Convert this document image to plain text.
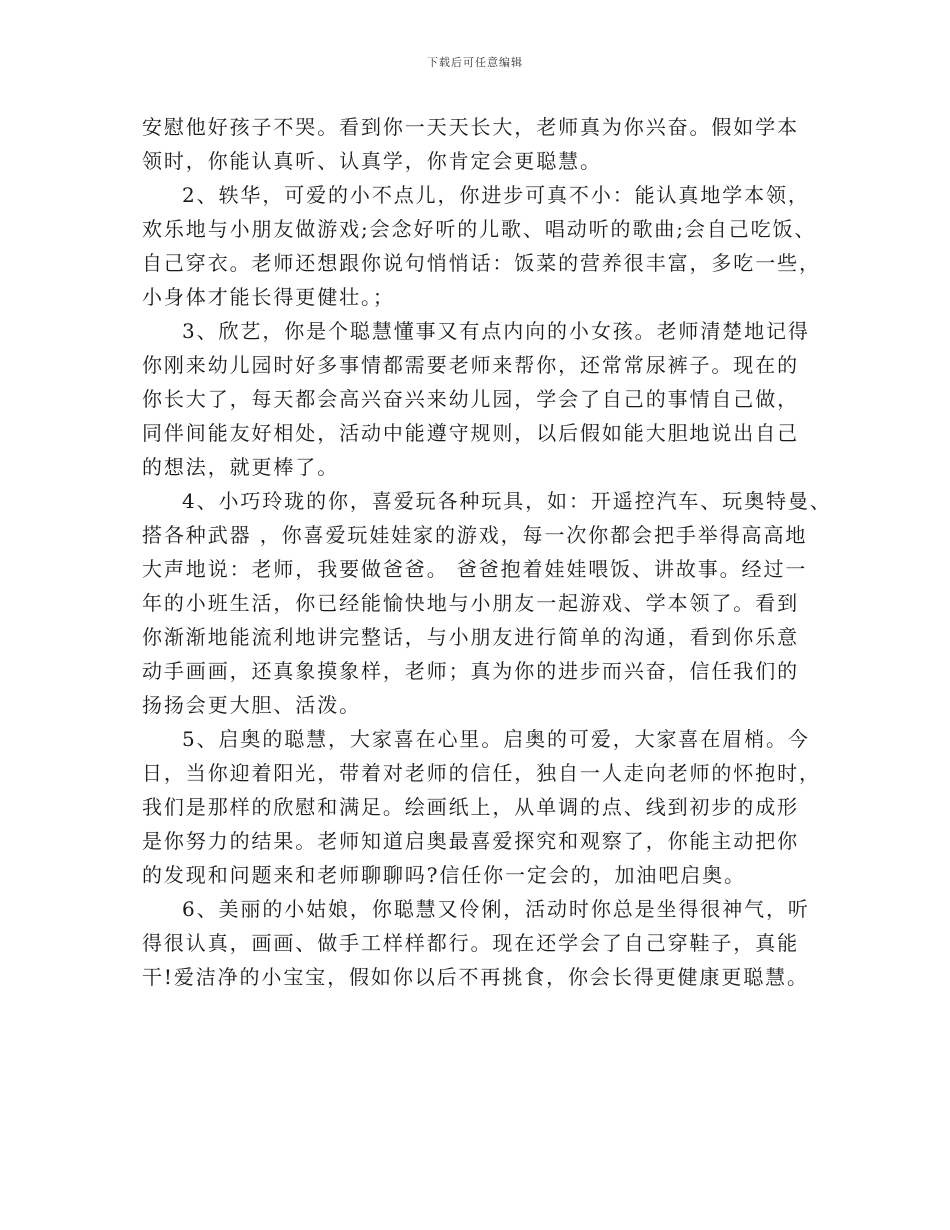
下载后可任意编辑
安慰他好孩子不哭。看到你一天天长大，老师真为你兴奋。假如学本
领时，你能认真听、认真学，你肯定会更聪慧。
2、轶华，可爱的小不点儿，你进步可真不小：能认真地学本领，
欢乐地与小朋友做游戏;会念好听的儿歌、唱动听的歌曲;会自己吃饭、
自己穿衣。老师还想跟你说句悄悄话：饭菜的营养很丰富，多吃一些，
小身体才能长得更健壮。；
3、欣艺，你是个聪慧懂事又有点内向的小女孩。老师清楚地记得
你刚来幼儿园时好多事情都需要老师来帮你，还常常尿裤子。现在的
你长大了，每天都会高兴奋兴来幼儿园，学会了自己的事情自己做，
同伴间能友好相处，活动中能遵守规则，以后假如能大胆地说出自己
的想法，就更棒了。
4、小巧玲珑的你，喜爱玩各种玩具，如：开遥控汽车、玩奥特曼、
搭各种武器 ，你喜爱玩娃娃家的游戏，每一次你都会把手举得高高地
大声地说：老师，我要做爸爸。 爸爸抱着娃娃喂饭、讲故事。经过一
年的小班生活，你已经能愉快地与小朋友一起游戏、学本领了。看到
你渐渐地能流利地讲完整话，与小朋友进行简单的沟通，看到你乐意
动手画画，还真象摸象样，老师；真为你的进步而兴奋，信任我们的
扬扬会更大胆、活泼。
5、启奥的聪慧，大家喜在心里。启奥的可爱，大家喜在眉梢。今
日，当你迎着阳光，带着对老师的信任，独自一人走向老师的怀抱时，
我们是那样的欣慰和满足。绘画纸上，从单调的点、线到初步的成形
是你努力的结果。老师知道启奥最喜爱探究和观察了，你能主动把你
的发现和问题来和老师聊聊吗?信任你一定会的，加油吧启奥。
6、美丽的小姑娘，你聪慧又伶俐，活动时你总是坐得很神气，听
得很认真，画画、做手工样样都行。现在还学会了自己穿鞋子，真能
干!爱洁净的小宝宝，假如你以后不再挑食，你会长得更健康更聪慧。
